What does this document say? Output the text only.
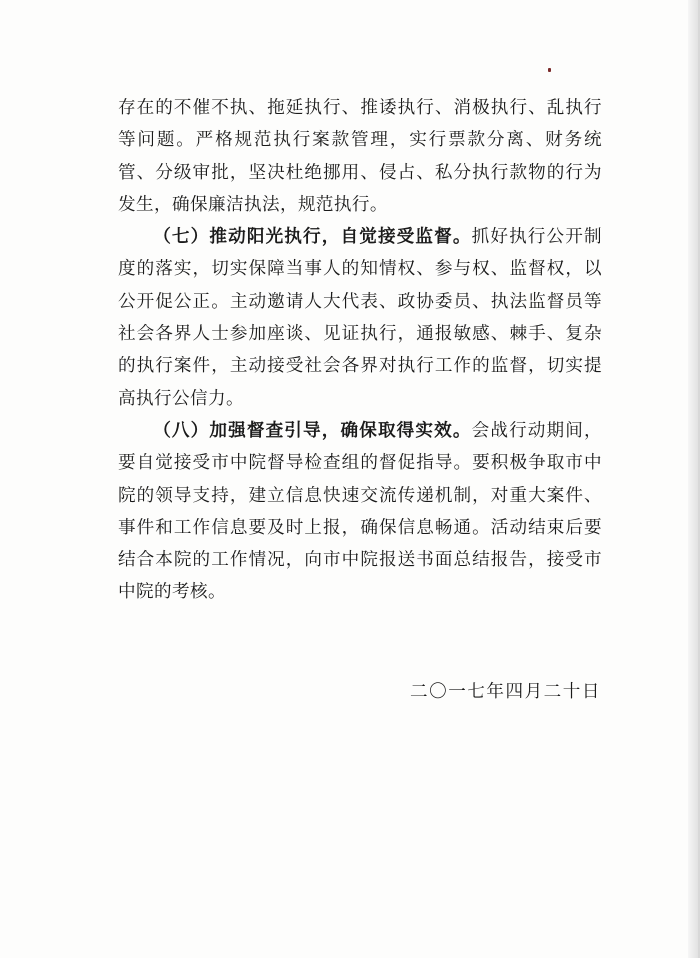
存在的不催不执、拖延执行、推诿执行、消极执行、乱执行等问题。严格规范执行案款管理，实行票款分离、财务统管、分级审批，坚决杜绝挪用、侵占、私分执行款物的行为发生，确保廉洁执法，规范执行。

（七）推动阳光执行，自觉接受监督。抓好执行公开制度的落实，切实保障当事人的知情权、参与权、监督权，以公开促公正。主动邀请人大代表、政协委员、执法监督员等社会各界人士参加座谈、见证执行，通报敏感、棘手、复杂的执行案件，主动接受社会各界对执行工作的监督，切实提高执行公信力。

（八）加强督查引导，确保取得实效。会战行动期间，要自觉接受市中院督导检查组的督促指导。要积极争取市中院的领导支持，建立信息快速交流传递机制，对重大案件、事件和工作信息要及时上报，确保信息畅通。活动结束后要结合本院的工作情况，向市中院报送书面总结报告，接受市中院的考核。

二〇一七年四月二十日
